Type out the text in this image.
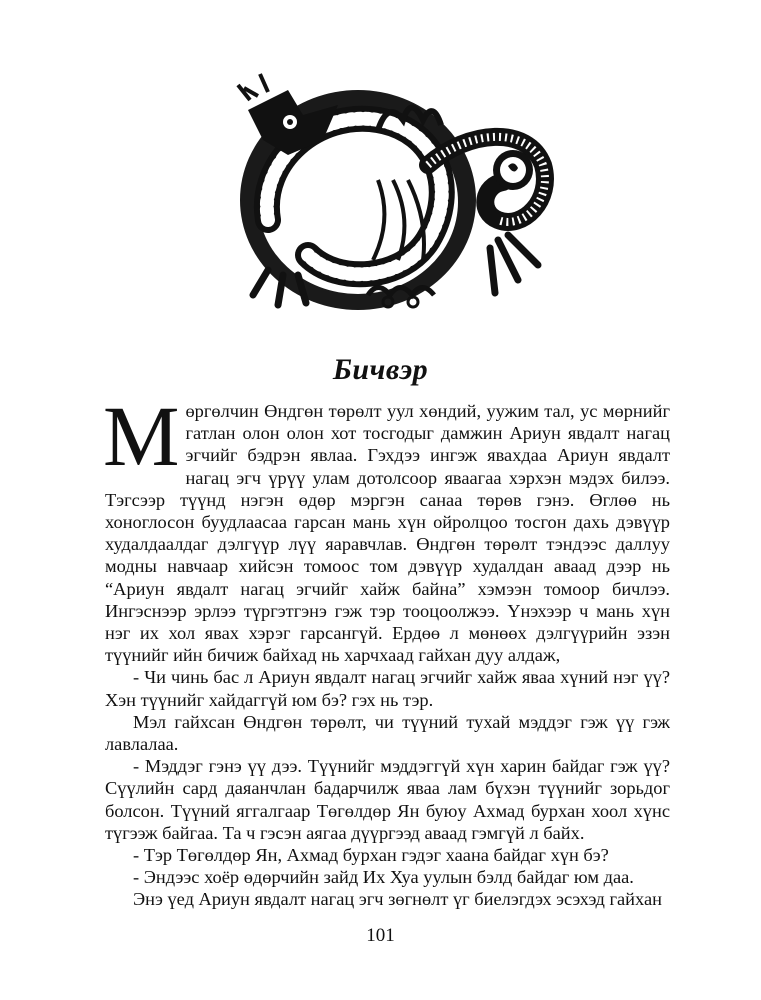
Бичвэр

Мөргөлчин Өндгөн төрөлт уул хөндий, уужим тал, ус мөрнийг гатлан олон олон хот тосгодыг дамжин Ариун явдалт нагац эгчийг бэдрэн явлаа. Гэхдээ ингэж явахдаа Ариун явдалт нагац эгч үрүү улам дотолсоор яваагаа хэрхэн мэдэх билээ. Тэгсээр түүнд нэгэн өдөр мэргэн санаа төрөв гэнэ. Өглөө нь хоноглосон буудлаасаа гарсан мань хүн ойролцоо тосгон дахь дэвүүр худалдаалдаг дэлгүүр лүү яаравчлав. Өндгөн төрөлт тэндээс даллуу модны навчаар хийсэн томоос том дэвүүр худалдан аваад дээр нь “Ариун явдалт нагац эгчийг хайж байна” хэмээн томоор бичлээ. Ингэснээр эрлээ түргэтгэнэ гэж тэр тооцоолжээ. Үнэхээр ч мань хүн нэг их хол явах хэрэг гарсангүй. Ердөө л мөнөөх дэлгүүрийн эзэн түүнийг ийн бичиж байхад нь харчхаад гайхан дуу алдаж,

- Чи чинь бас л Ариун явдалт нагац эгчийг хайж яваа хүний нэг үү? Хэн түүнийг хайдаггүй юм бэ? гэх нь тэр.

Мэл гайхсан Өндгөн төрөлт, чи түүний тухай мэддэг гэж үү гэж лавлалаа.

- Мэддэг гэнэ үү дээ. Түүнийг мэддэггүй хүн харин байдаг гэж үү? Сүүлийн сард даяанчлан бадарчилж яваа лам бүхэн түүнийг зорьдог болсон. Түүний яггалгаар Төгөлдөр Ян буюу Ахмад бурхан хоол хүнс түгээж байгаа. Та ч гэсэн аягаа дүүргээд аваад гэмгүй л байх.

- Тэр Төгөлдөр Ян, Ахмад бурхан гэдэг хаана байдаг хүн бэ?

- Эндээс хоёр өдөрчийн зайд Их Хуа уулын бэлд байдаг юм даа.

Энэ үед Ариун явдалт нагац эгч зөгнөлт үг биелэгдэх эсэхэд гайхан

101
